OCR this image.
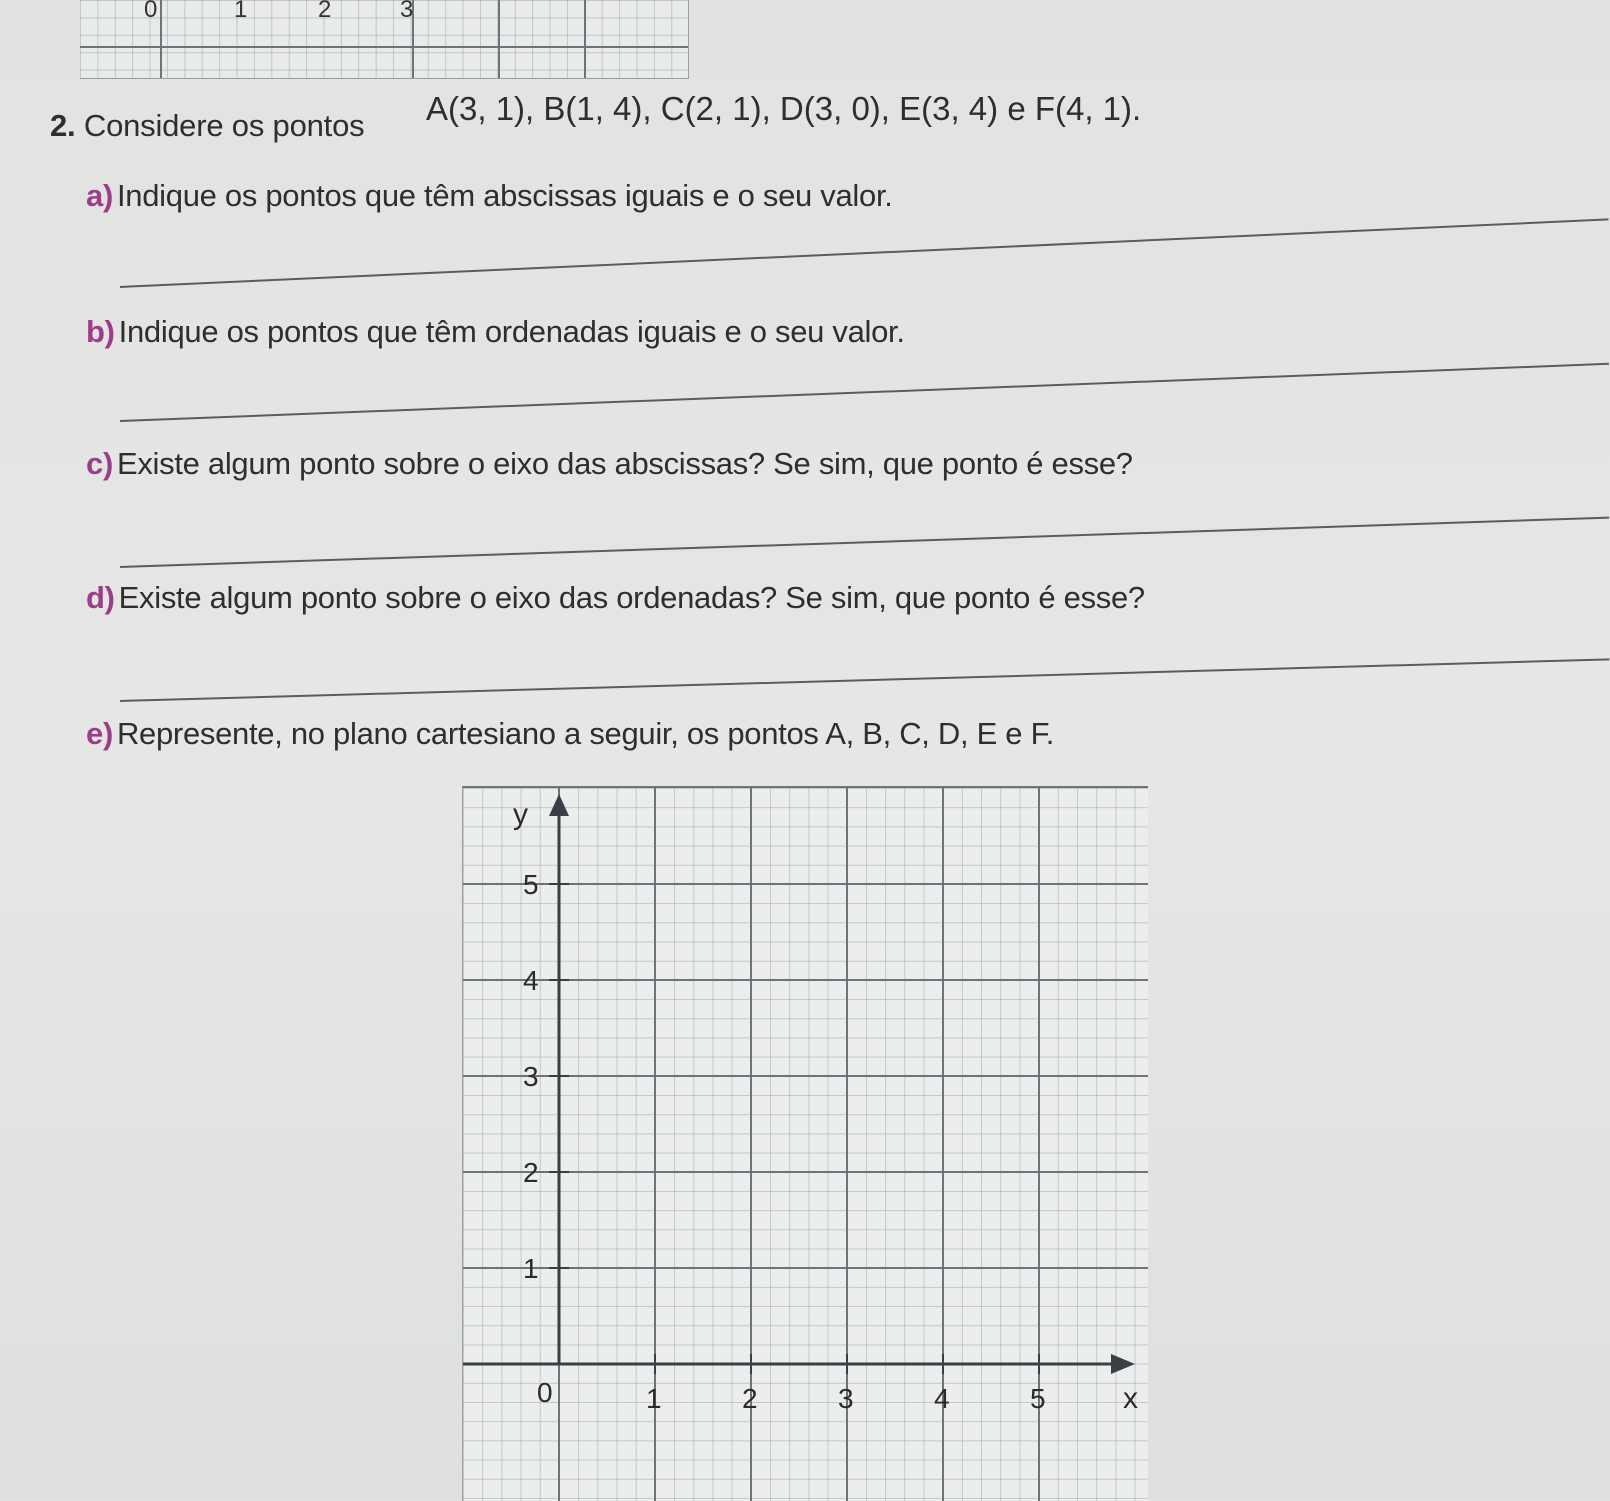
0	1	2	3
2. Considere os pontos A(3, 1), B(1, 4), C(2, 1), D(3, 0), E(3, 4) e F(4, 1).
a) Indique os pontos que têm abscissas iguais e o seu valor.
b) Indique os pontos que têm ordenadas iguais e o seu valor.
c) Existe algum ponto sobre o eixo das abscissas? Se sim, que ponto é esse?
d) Existe algum ponto sobre o eixo das ordenadas? Se sim, que ponto é esse?
e) Represente, no plano cartesiano a seguir, os pontos A, B, C, D, E e F.
y
5
4
3
2
1
0	1	2	3	4	5	x
